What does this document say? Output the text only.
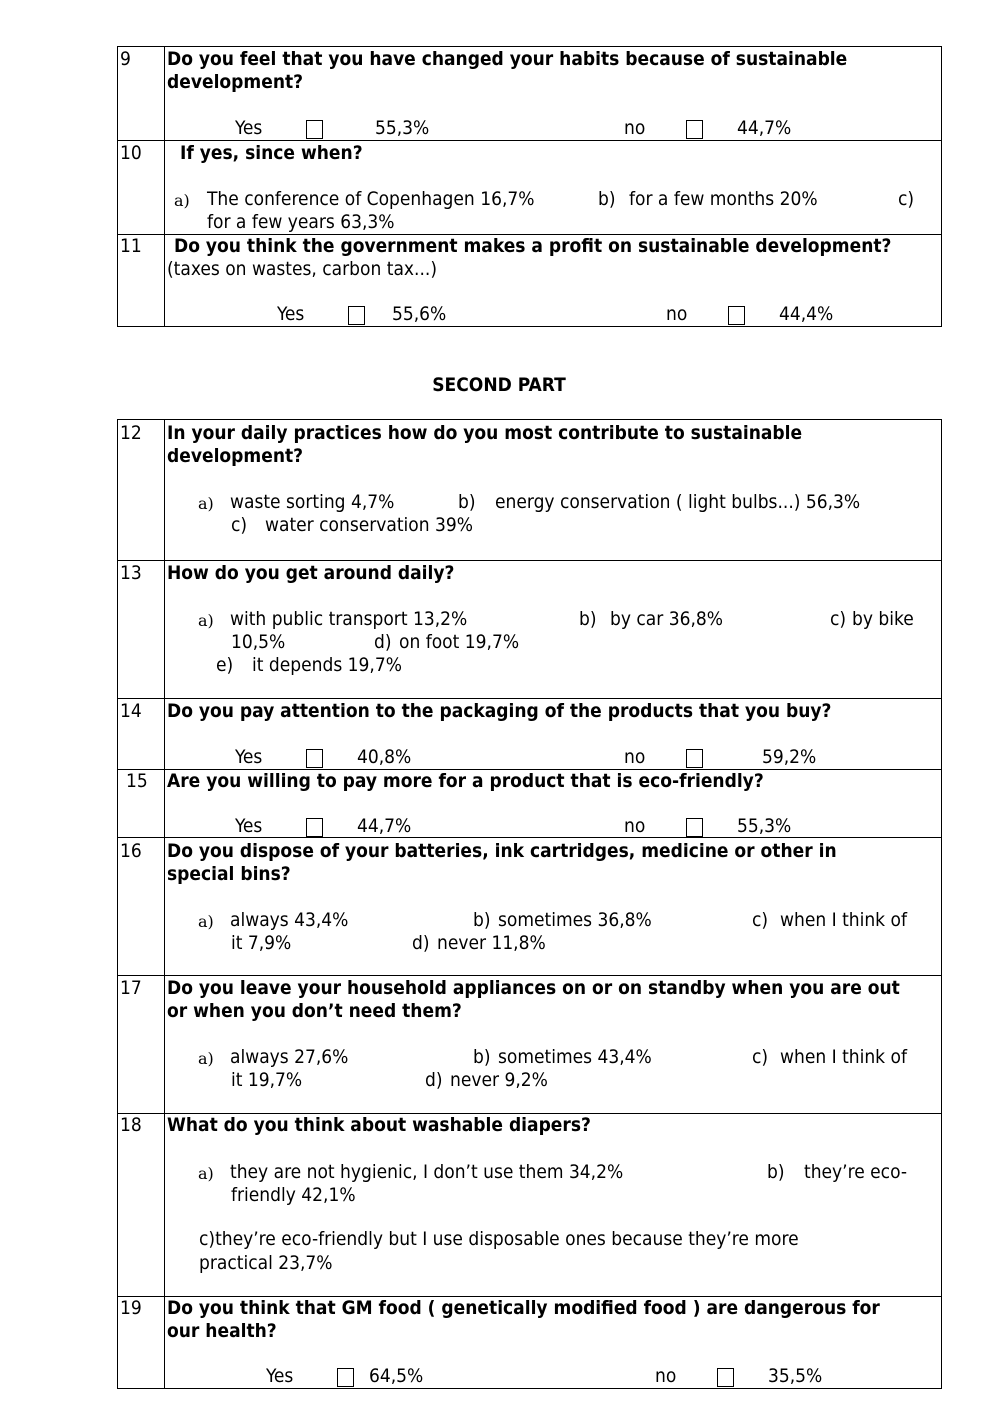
9 Do you feel that you have changed your habits because of sustainable
development?
Yes	55,3%	no	44,7%
10 If yes, since when?
a) The conference of Copenhagen 16,7%	b) for a few months 20%	c)
for a few years 63,3%
11 Do you think the government makes a profit on sustainable development?
(taxes on wastes, carbon tax...)
Yes	55,6%	no	44,4%
SECOND PART
12 In your daily practices how do you most contribute to sustainable
development?
a) waste sorting 4,7%	b) energy conservation ( light bulbs...) 56,3%
c) water conservation 39%
13 How do you get around daily?
a) with public transport 13,2%	b) by car 36,8%	c) by bike
10,5%	d) on foot 19,7%
e) it depends 19,7%
14 Do you pay attention to the packaging of the products that you buy?
Yes	40,8%	no	59,2%
15 Are you willing to pay more for a product that is eco-friendly?
Yes	44,7%	no	55,3%
16 Do you dispose of your batteries, ink cartridges, medicine or other in
special bins?
a) always 43,4%	b) sometimes 36,8%	c) when I think of
it 7,9%	d) never 11,8%
17 Do you leave your household appliances on or on standby when you are out
or when you don’t need them?
a) always 27,6%	b) sometimes 43,4%	c) when I think of
it 19,7%	d) never 9,2%
18 What do you think about washable diapers?
a) they are not hygienic, I don’t use them 34,2%	b) they’re eco-
friendly 42,1%
c)they’re eco-friendly but I use disposable ones because they’re more
practical 23,7%
19 Do you think that GM food ( genetically modified food ) are dangerous for
our health?
Yes	64,5%	no	35,5%
